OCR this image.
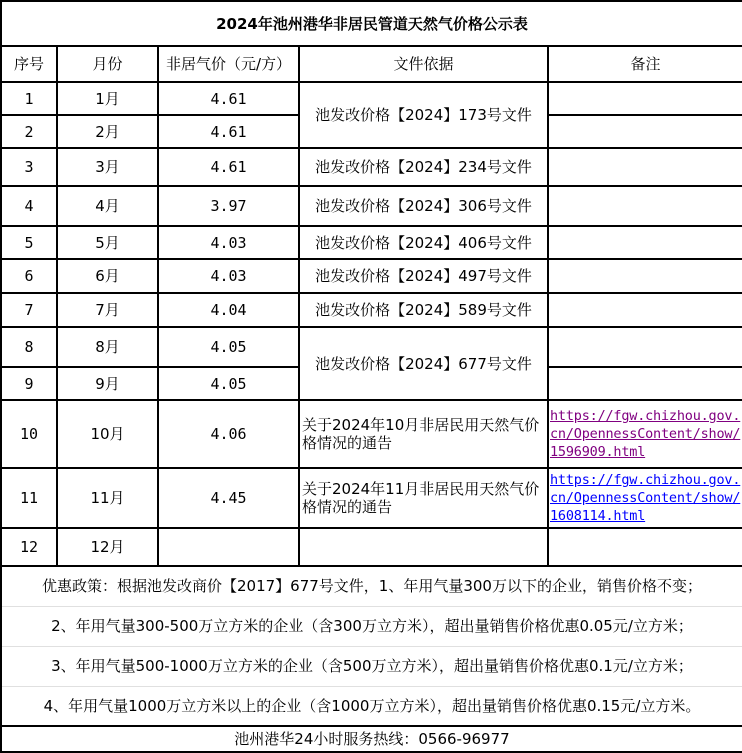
2024年池州港华非居民管道天然气价格公示表				
序号	月份	非居气价（元/方）	文件依据	备注
1	1月	4.61	池发改价格【2024】173号文件	
2	2月	4.61		
3	3月	4.61	池发改价格【2024】234号文件	
4	4月	3.97	池发改价格【2024】306号文件	
5	5月	4.03	池发改价格【2024】406号文件	
6	6月	4.03	池发改价格【2024】497号文件	
7	7月	4.04	池发改价格【2024】589号文件	
8	8月	4.05	池发改价格【2024】677号文件	
9	9月	4.05		
10	10月	4.06	关于2024年10月非居民用天然气价格情况的通告	https://fgw.chizhou.gov.cn/OpennessContent/show/1596909.html

11	11月	4.45	关于2024年11月非居民用天然气价格情况的通告	https://fgw.chizhou.gov.cn/OpennessContent/show/1608114.html

12	12月			
优惠政策：根据池发改商价【2017】677号文件，1、年用气量300万以下的企业，销售价格不变；				
2、年用气量300-500万立方米的企业（含300万立方米），超出量销售价格优惠0.05元/立方米；				
3、年用气量500-1000万立方米的企业（含500万立方米），超出量销售价格优惠0.1元/立方米；				
4、年用气量1000万立方米以上的企业（含1000万立方米），超出量销售价格优惠0.15元/立方米。				
池州港华24小时服务热线：0566-96977				
